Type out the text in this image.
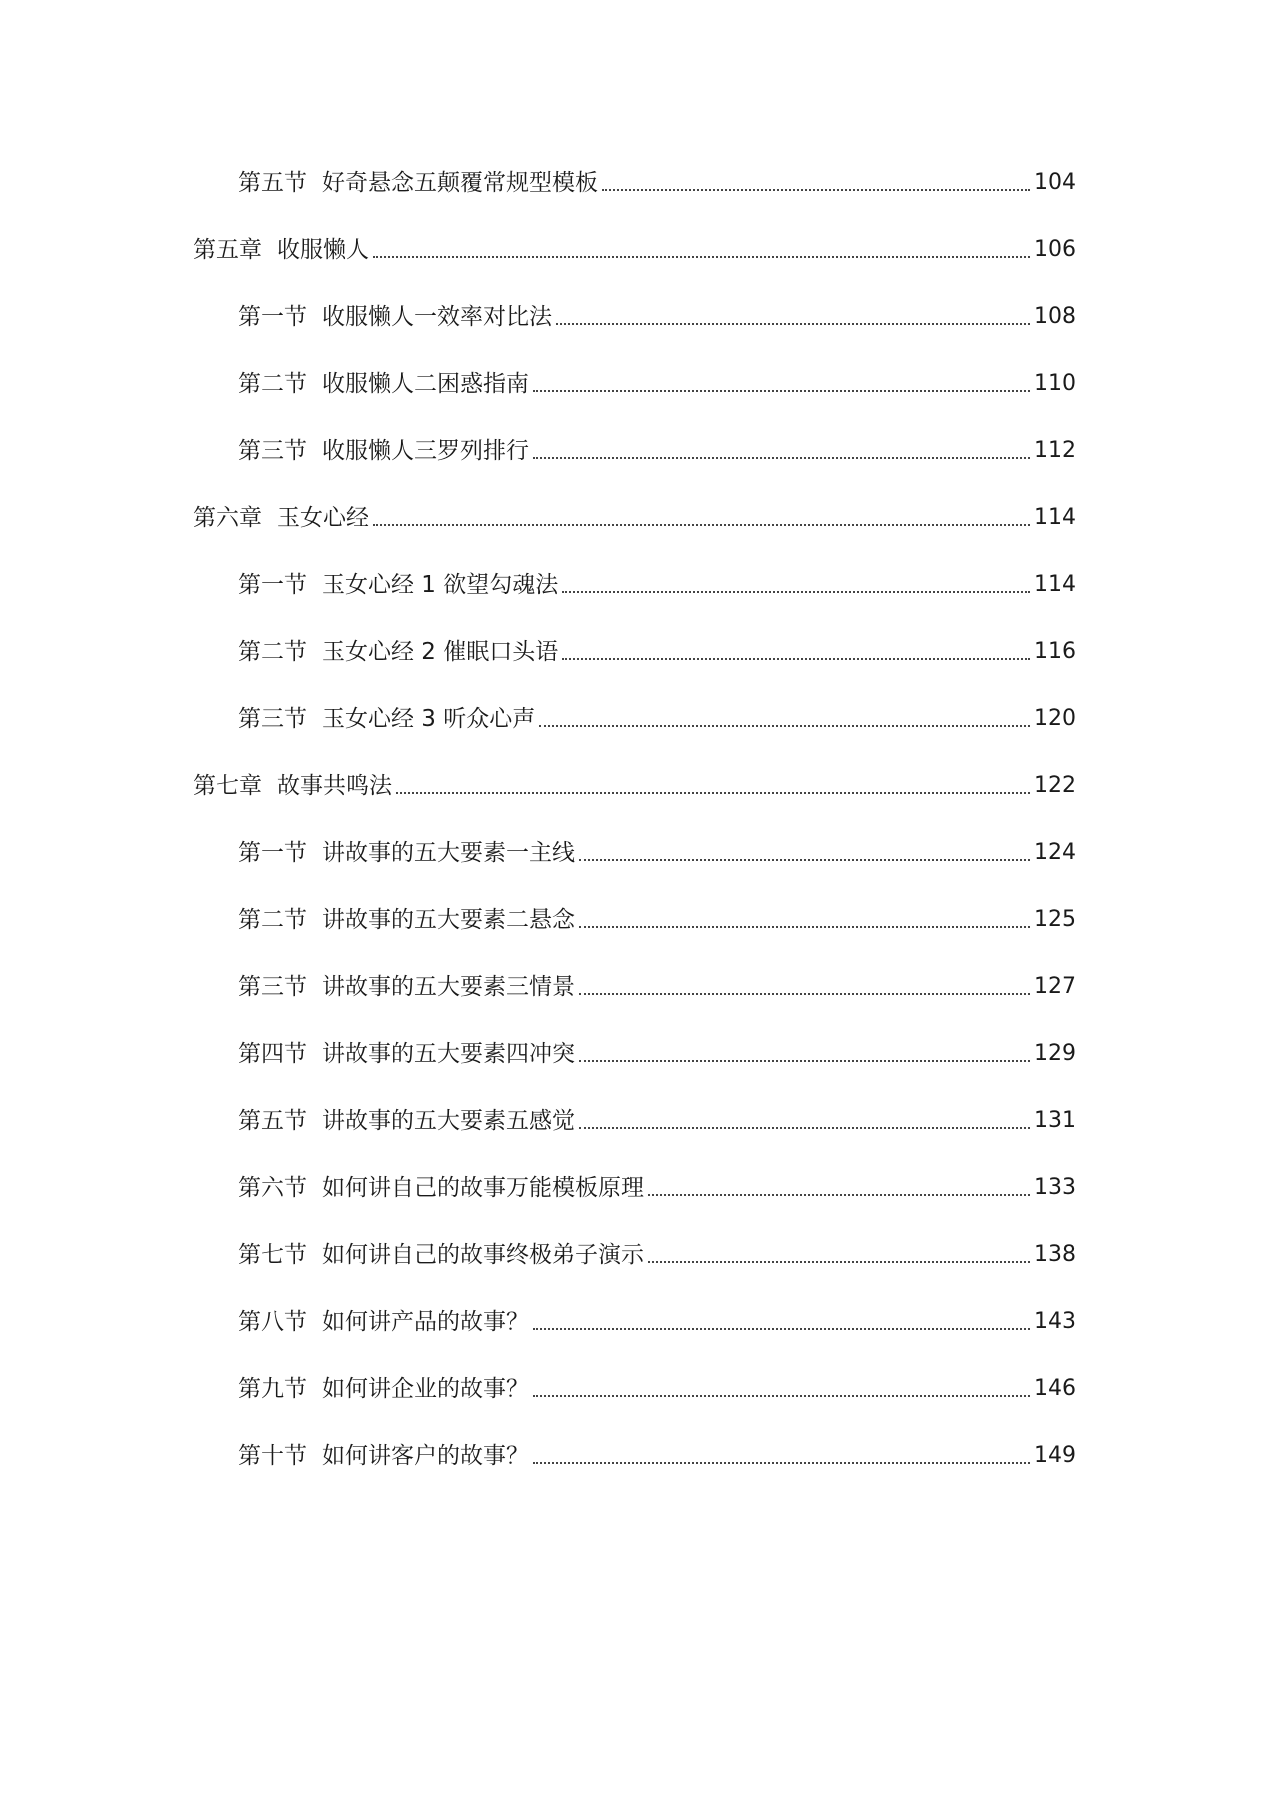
第五节 好奇悬念五颠覆常规型模板	104
第五章 收服懒人	106
第一节 收服懒人一效率对比法	108
第二节 收服懒人二困惑指南	110
第三节 收服懒人三罗列排行	112
第六章 玉女心经	114
第一节 玉女心经 1 欲望勾魂法	114
第二节 玉女心经 2 催眠口头语	116
第三节 玉女心经 3 听众心声	120
第七章 故事共鸣法	122
第一节 讲故事的五大要素一主线	124
第二节 讲故事的五大要素二悬念	125
第三节 讲故事的五大要素三情景	127
第四节 讲故事的五大要素四冲突	129
第五节 讲故事的五大要素五感觉	131
第六节 如何讲自己的故事万能模板原理	133
第七节 如何讲自己的故事终极弟子演示	138
第八节 如何讲产品的故事？	143
第九节 如何讲企业的故事？	146
第十节 如何讲客户的故事？	149
